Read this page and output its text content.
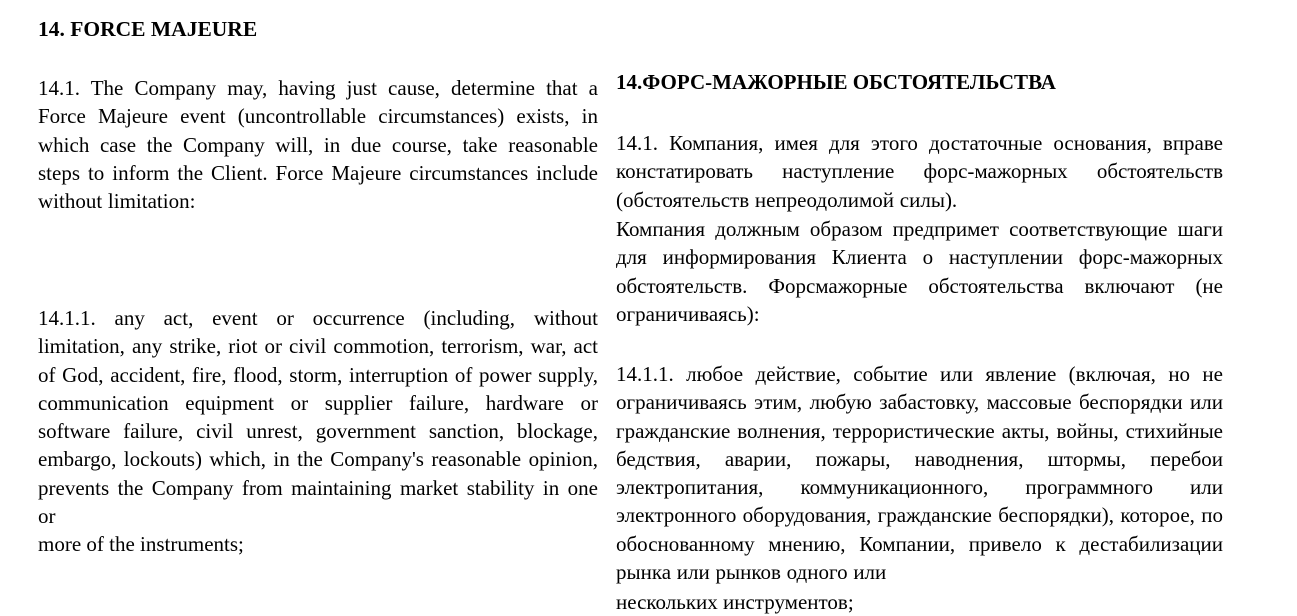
14. FORCE MAJEURE
14.1. The Company may, having just cause, determine that a Force Majeure event (uncontrollable circumstances) exists, in which case the Company will, in due course, take reasonable steps to inform the Client. Force Majeure circumstances include without limitation:
14.1.1. any act, event or occurrence (including, without limitation, any strike, riot or civil commotion, terrorism, war, act of God, accident, fire, flood, storm, interruption of power supply, communication equipment or supplier failure, hardware or software failure, civil unrest, government sanction, blockage, embargo, lockouts) which, in the Company's reasonable opinion, prevents the Company from maintaining market stability in one or
more of the instruments;
14.ФОРС-МАЖОРНЫЕ ОБСТОЯТЕЛЬСТВА
14.1. Компания, имея для этого достаточные основания, вправе констатировать наступление форс-мажорных обстоятельств (обстоятельств непреодолимой силы).
Компания должным образом предпримет соответствующие шаги для информирования Клиента о наступлении форс-мажорных обстоятельств. Форсмажорные обстоятельства включают (не ограничиваясь):
14.1.1. любое действие, событие или явление (включая, но не ограничиваясь этим, любую забастовку, массовые беспорядки или гражданские волнения, террористические акты, войны, стихийные бедствия, аварии, пожары, наводнения, штормы, перебои электропитания, коммуникационного, программного или электронного оборудования, гражданские беспорядки), которое, по обоснованному мнению, Компании, привело к дестабилизации рынка или рынков одного или
нескольких инструментов;
